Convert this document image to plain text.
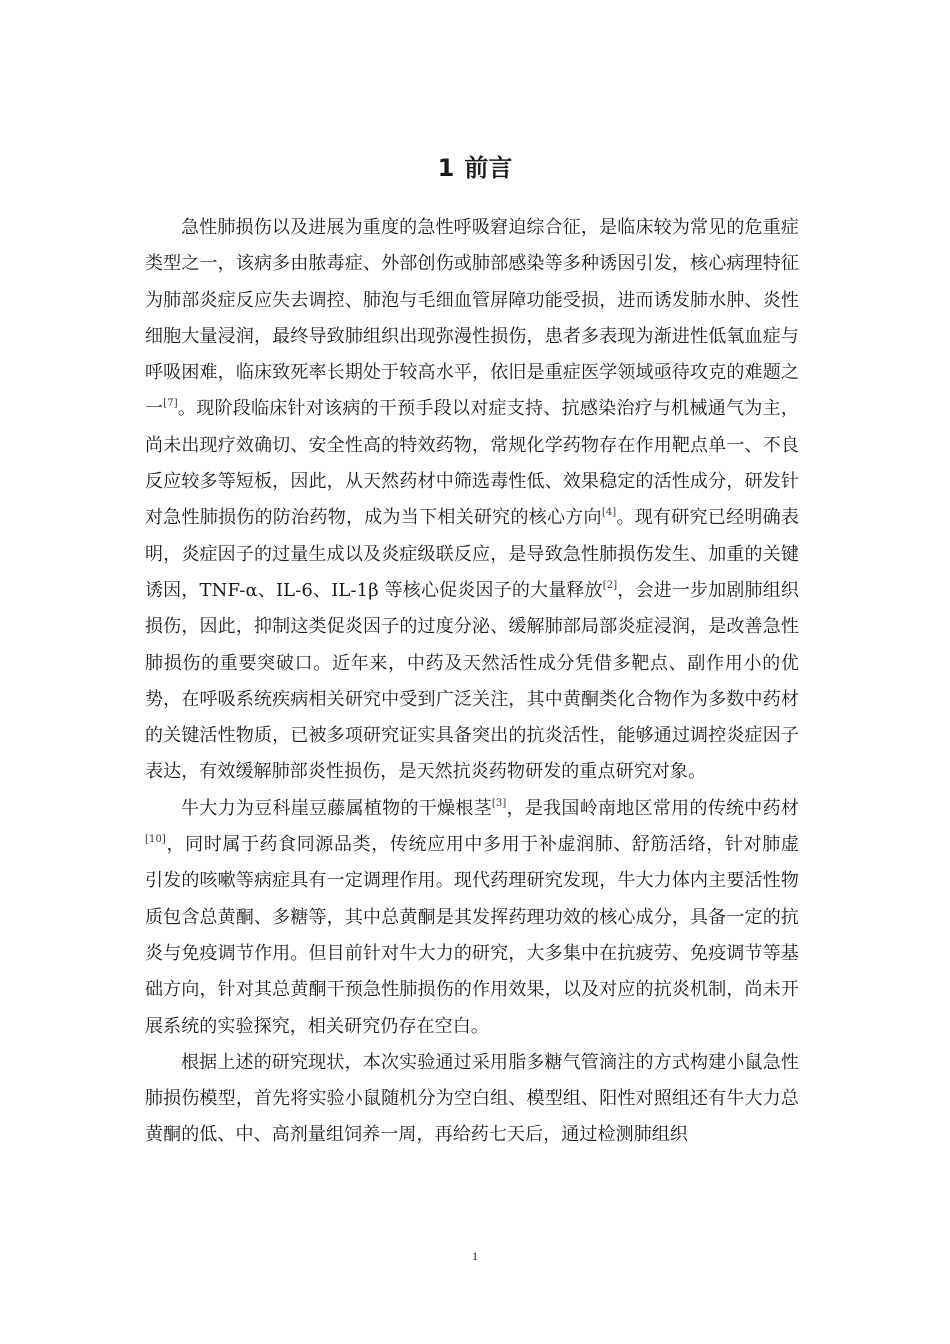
1 前言

急性肺损伤以及进展为重度的急性呼吸窘迫综合征，是临床较为常见的危重症类型之一，该病多由脓毒症、外部创伤或肺部感染等多种诱因引发，核心病理特征为肺部炎症反应失去调控、肺泡与毛细血管屏障功能受损，进而诱发肺水肿、炎性细胞大量浸润，最终导致肺组织出现弥漫性损伤，患者多表现为渐进性低氧血症与呼吸困难，临床致死率长期处于较高水平，依旧是重症医学领域亟待攻克的难题之一[7]。现阶段临床针对该病的干预手段以对症支持、抗感染治疗与机械通气为主，尚未出现疗效确切、安全性高的特效药物，常规化学药物存在作用靶点单一、不良反应较多等短板，因此，从天然药材中筛选毒性低、效果稳定的活性成分，研发针对急性肺损伤的防治药物，成为当下相关研究的核心方向[4]。现有研究已经明确表明，炎症因子的过量生成以及炎症级联反应，是导致急性肺损伤发生、加重的关键诱因，TNF-α、IL-6、IL-1β 等核心促炎因子的大量释放[2]，会进一步加剧肺组织损伤，因此，抑制这类促炎因子的过度分泌、缓解肺部局部炎症浸润，是改善急性肺损伤的重要突破口。近年来，中药及天然活性成分凭借多靶点、副作用小的优势，在呼吸系统疾病相关研究中受到广泛关注，其中黄酮类化合物作为多数中药材的关键活性物质，已被多项研究证实具备突出的抗炎活性，能够通过调控炎症因子表达，有效缓解肺部炎性损伤，是天然抗炎药物研发的重点研究对象。

牛大力为豆科崖豆藤属植物的干燥根茎[3]，是我国岭南地区常用的传统中药材[10]，同时属于药食同源品类，传统应用中多用于补虚润肺、舒筋活络，针对肺虚引发的咳嗽等病症具有一定调理作用。现代药理研究发现，牛大力体内主要活性物质包含总黄酮、多糖等，其中总黄酮是其发挥药理功效的核心成分，具备一定的抗炎与免疫调节作用。但目前针对牛大力的研究，大多集中在抗疲劳、免疫调节等基础方向，针对其总黄酮干预急性肺损伤的作用效果，以及对应的抗炎机制，尚未开展系统的实验探究，相关研究仍存在空白。

根据上述的研究现状，本次实验通过采用脂多糖气管滴注的方式构建小鼠急性肺损伤模型，首先将实验小鼠随机分为空白组、模型组、阳性对照组还有牛大力总黄酮的低、中、高剂量组饲养一周，再给药七天后，通过检测肺组织

1
